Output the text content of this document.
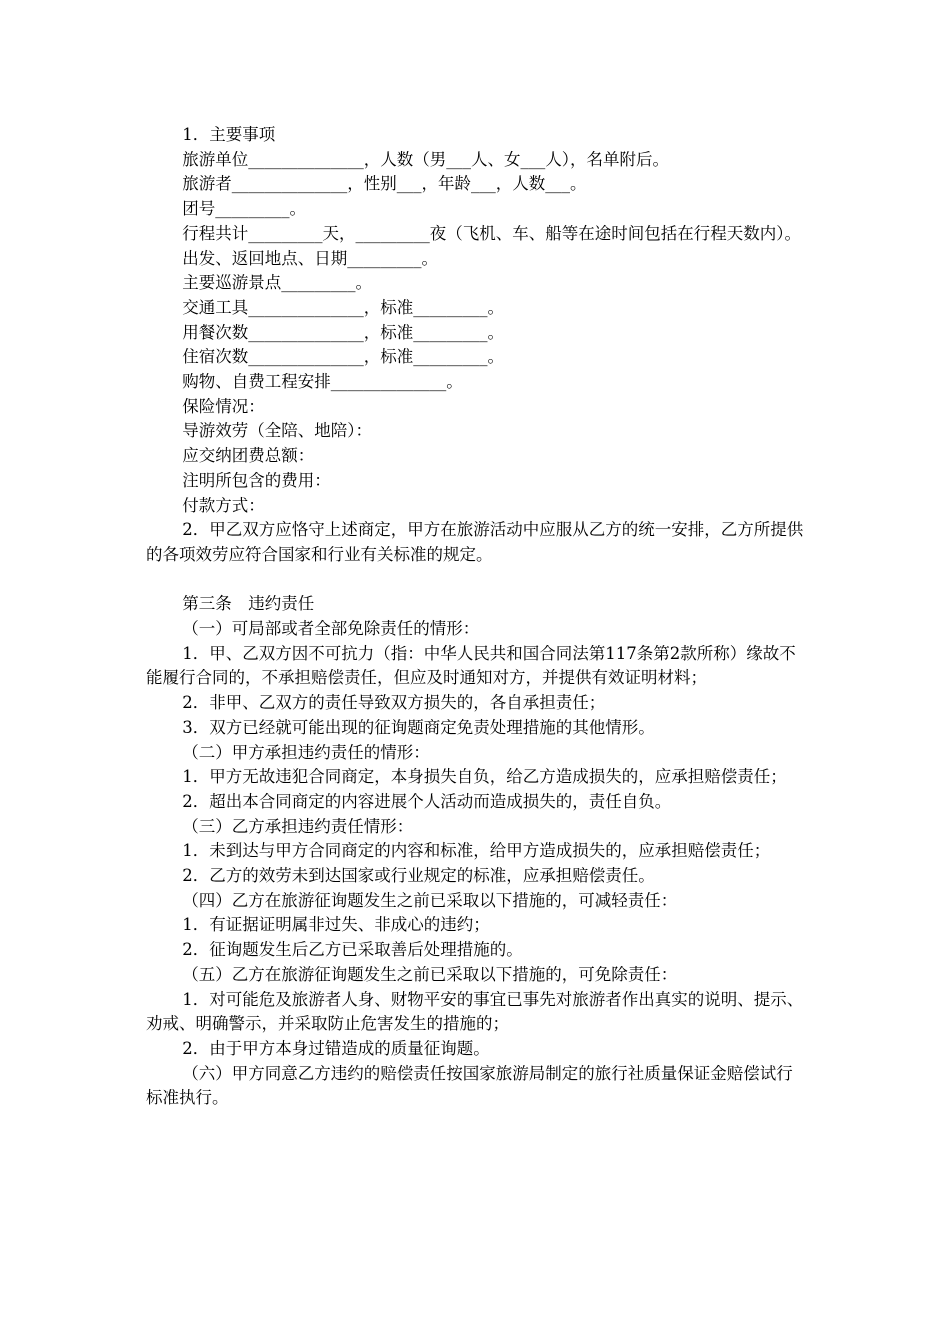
1．主要事项

旅游单位______________，人数（男___人、女___人），名单附后。

旅游者______________，性别___，年龄___，人数___。

团号_________。

行程共计_________天，_________夜（飞机、车、船等在途时间包括在行程天数内）。

出发、返回地点、日期_________。

主要巡游景点_________。

交通工具______________，标准_________。

用餐次数______________，标准_________。

住宿次数______________，标准_________。

购物、自费工程安排______________。

保险情况：

导游效劳（全陪、地陪）：

应交纳团费总额：

注明所包含的费用：

付款方式：

2．甲乙双方应恪守上述商定，甲方在旅游活动中应服从乙方的统一安排，乙方所提供的各项效劳应符合国家和行业有关标准的规定。

第三条　违约责任

（一）可局部或者全部免除责任的情形：

1．甲、乙双方因不可抗力（指：中华人民共和国合同法第117条第2款所称）缘故不能履行合同的，不承担赔偿责任，但应及时通知对方，并提供有效证明材料；

2．非甲、乙双方的责任导致双方损失的，各自承担责任；

3．双方已经就可能出现的征询题商定免责处理措施的其他情形。

（二）甲方承担违约责任的情形：

1．甲方无故违犯合同商定，本身损失自负，给乙方造成损失的，应承担赔偿责任；

2．超出本合同商定的内容进展个人活动而造成损失的，责任自负。

（三）乙方承担违约责任情形：

1．未到达与甲方合同商定的内容和标准，给甲方造成损失的，应承担赔偿责任；

2．乙方的效劳未到达国家或行业规定的标准，应承担赔偿责任。

（四）乙方在旅游征询题发生之前已采取以下措施的，可减轻责任：

1．有证据证明属非过失、非成心的违约；

2．征询题发生后乙方已采取善后处理措施的。

（五）乙方在旅游征询题发生之前已采取以下措施的，可免除责任：

1．对可能危及旅游者人身、财物平安的事宜已事先对旅游者作出真实的说明、提示、劝戒、明确警示，并采取防止危害发生的措施的；

2．由于甲方本身过错造成的质量征询题。

（六）甲方同意乙方违约的赔偿责任按国家旅游局制定的旅行社质量保证金赔偿试行标准执行。
